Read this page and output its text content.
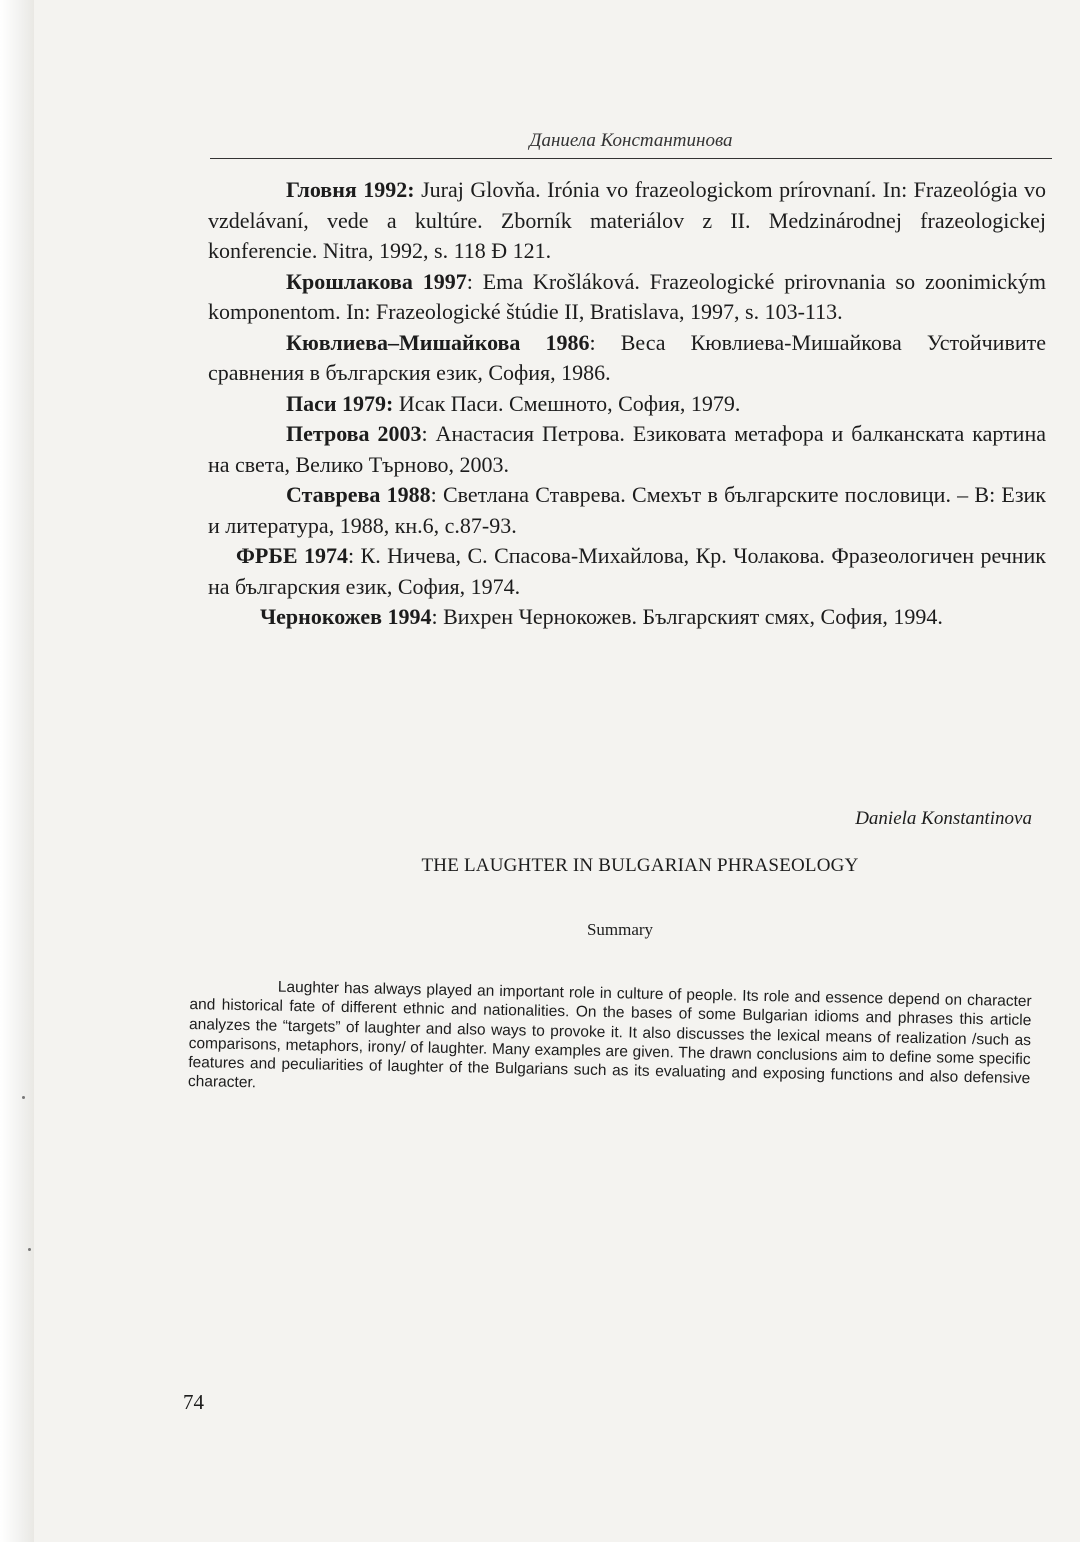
Даниела Константинова

Гловня 1992: Juraj Glovňa. Irónia vo frazeologickom prírovnaní. In: Frazeológia vo vzdelávaní, vede a kultúre. Zborník materiálov z II. Medzinárodnej frazeologickej konferencie. Nitra, 1992, s. 118 Ð 121.

Крошлакова 1997: Ema Krošláková. Frazeologické prirovnania so zoonimickým komponentom. In: Frazeologické štúdie II, Bratislava, 1997, s. 103-113.

Кювлиева–Мишайкова 1986: Веса Кювлиева-Мишайкова Устойчивите сравнения в българския език, София, 1986.

Паси 1979: Исак Паси. Смешното, София, 1979.

Петрова 2003: Анастасия Петрова. Езиковата метафора и балканската картина на света, Велико Търново, 2003.

Ставрева 1988: Светлана Ставрева. Смехът в българските пословици. – В: Език и литература, 1988, кн.6, с.87-93.

ФРБЕ 1974: К. Ничева, С. Спасова-Михайлова, Кр. Чолакова. Фразеологичен речник на българския език, София, 1974.

Чернокожев 1994: Вихрен Чернокожев. Българският смях, София, 1994.

Daniela Konstantinova
THE LAUGHTER IN BULGARIAN PHRASEOLOGY
Summary
Laughter has always played an important role in culture of people. Its role and essence depend on character and historical fate of different ethnic and nationalities. On the bases of some Bulgarian idioms and phrases this article analyzes the “targets” of laughter and also ways to provoke it. It also discusses the lexical means of realization /such as comparisons, metaphors, irony/ of laughter. Many examples are given. The drawn conclusions aim to define some specific features and peculiarities of laughter of the Bulgarians such as its evaluating and exposing functions and also defensive character.
74
